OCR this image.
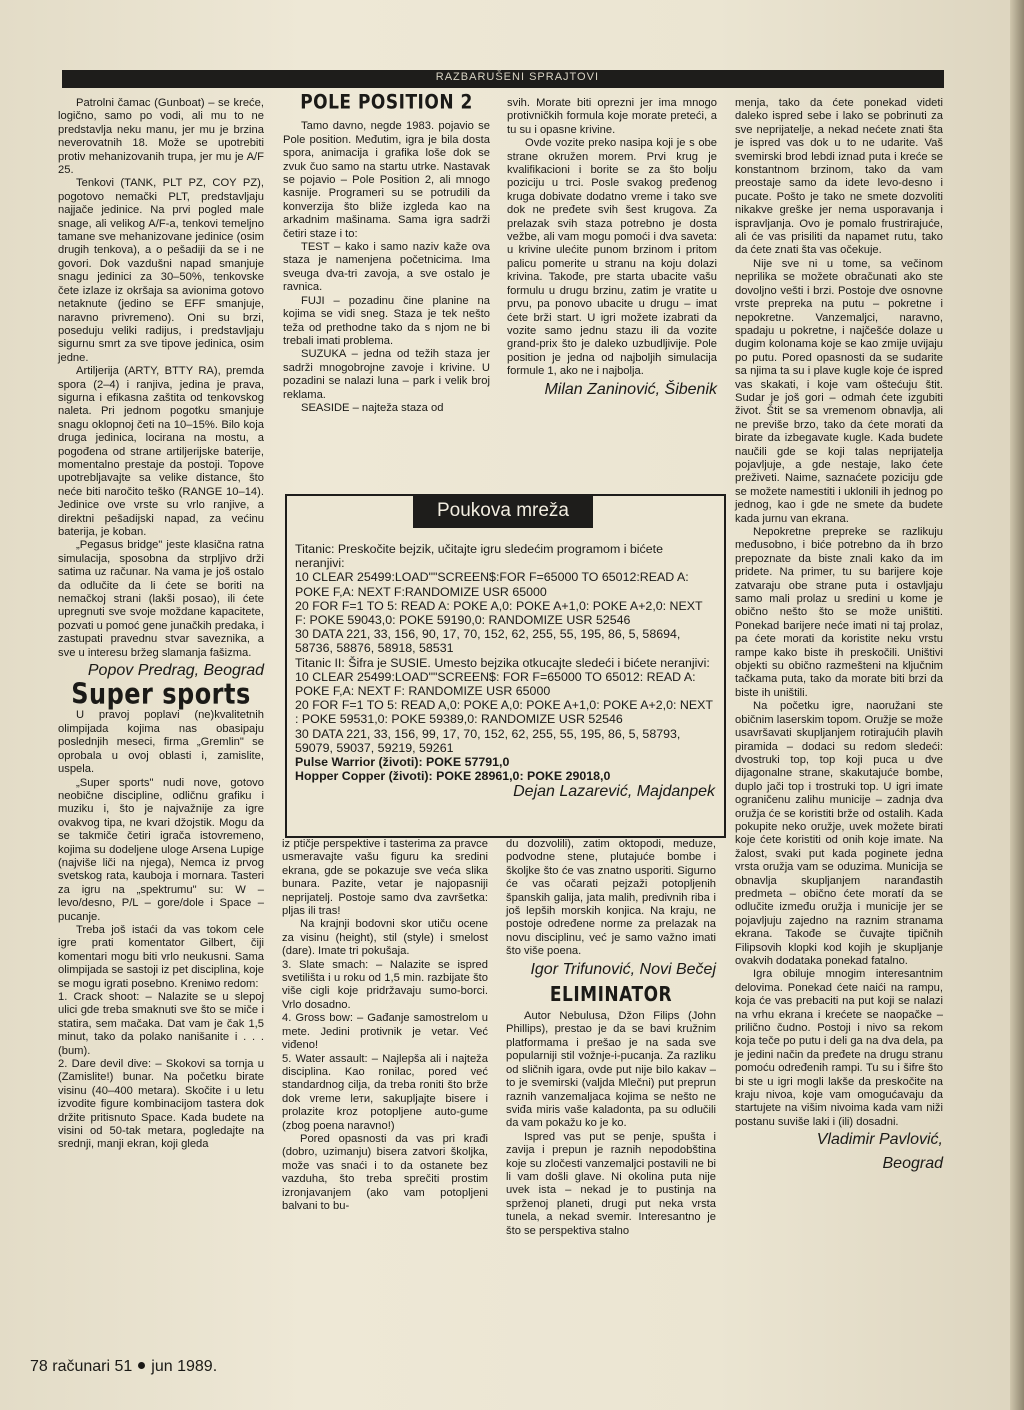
RAZBARUŠENI SPRAJTOVI

Patrolni čamac (Gunboat) – se kreće, logično, samo po vodi, ali mu to ne predstavlja neku manu, jer mu je brzina neverovatnih 18. Može se upotrebiti protiv mehanizovanih trupa, jer mu je A/F 25.

Tenkovi (TANK, PLT PZ, COY PZ), pogotovo nemački PLT, predstavljaju najjače jedinice. Na prvi pogled male snage, ali velikog A/F-a, tenkovi temeljno tamane sve mehanizovane jedinice (osim drugih tenkova), a o pešadiji da se i ne govori. Dok vazdušni napad smanjuje snagu jedinici za 30–50%, tenkovske čete izlaze iz okršaja sa avionima gotovo netaknute (jedino se EFF smanjuje, naravno privremeno). Oni su brzi, poseduju veliki radijus, i predstavljaju sigurnu smrt za sve tipove jedinica, osim jedne.

Artiljerija (ARTY, BTTY RA), premda spora (2–4) i ranjiva, jedina je prava, sigurna i efikasna zaštita od tenkovskog naleta. Pri jednom pogotku smanjuje snagu oklopnoj četi na 10–15%. Bilo koja druga jedinica, locirana na mostu, a pogođena od strane artiljerijske baterije, momentalno prestaje da postoji. Topove upotrebljavajte sa velike distance, što neće biti naročito teško (RANGE 10–14). Jedinice ove vrste su vrlo ranjive, a direktni pešadijski napad, za većinu baterija, je koban.

„Pegasus bridge" jeste klasična ratna simulacija, sposobna da strpljivo drži satima uz računar. Na vama je još ostalo da odlučite da li ćete se boriti na nemačkoj strani (lakši posao), ili ćete upregnuti sve svoje moždane kapacitete, pozvati u pomoć gene junačkih predaka, i zastupati pravednu stvar saveznika, a sve u interesu bržeg slamanja fašizma.

Popov Predrag, Beograd
Super sports

U pravoj poplavi (ne)kvalitetnih olimpijada kojima nas obasipaju poslednjih meseci, firma „Gremlin" se oprobala u ovoj oblasti i, zamislite, uspela.

„Super sports" nudi nove, gotovo neobične discipline, odličnu grafiku i muziku i, što je najvažnije za igre ovakvog tipa, ne kvari džojstik. Mogu da se takmiče četiri igrača istovremeno, kojima su dodeljene uloge Arsena Lupige (najviše liči na njega), Nemca iz prvog svetskog rata, kauboja i mornara. Tasteri za igru na „spektrumu" su: W – levo/desno, P/L – gore/dole i Space – pucanje.

Treba još istaći da vas tokom cele igre prati komentator Gilbert, čiji komentari mogu biti vrlo neukusni. Sama olimpijada se sastoji iz pet disciplina, koje se mogu igrati posebno. Kreniмо redom:

1. Crack shoot: – Nalazite se u slepoj ulici gde treba smaknuti sve što se miče i statira, sem mačaka. Dat vam je čak 1,5 minut, tako da polako nanišanite i . . . (bum).

2. Dare devil dive: – Skokovi sa tornja u (Zamislite!) bunar. Na početku birate visinu (40–400 metara). Skočite i u letu izvodite figure kombinacijom tastera dok držite pritisnuto Space. Kada budete na visini od 50-tak metara, pogledajte na srednji, manji ekran, koji gleda

POLE POSITION 2

Tamo davno, negde 1983. pojavio se Pole position. Međutim, igra je bila dosta spora, animacija i grafika loše dok se zvuk čuo samo na startu utrke. Nastavak se pojavio – Pole Position 2, ali mnogo kasnije. Programeri su se potrudili da konverzija što bliže izgleda kao na arkadnim mašinama. Sama igra sadrži četiri staze i to:

TEST – kako i samo naziv kaže ova staza je namenjena početnicima. Ima sveuga dva-tri zavoja, a sve ostalo je ravnica.

FUJI – pozadinu čine planine na kojima se vidi sneg. Staza je tek nešto teža od prethodne tako da s njom ne bi trebali imati problema.

SUZUKA – jedna od težih staza jer sadrži mnogobrojne zavoje i krivine. U pozadini se nalazi luna – park i velik broj reklama.

SEASIDE – najteža staza od

svih. Morate biti oprezni jer ima mnogo protivničkih formula koje morate preteći, a tu su i opasne krivine.

Ovde vozite preko nasipa koji je s obe strane okružen morem. Prvi krug je kvalifikacioni i borite se za što bolju poziciju u trci. Posle svakog pređenog kruga dobivate dodatno vreme i tako sve dok ne pređete svih šest krugova. Za prelazak svih staza potrebno je dosta vežbe, ali vam mogu pomoći i dva saveta: u krivine ulećite punom brzinom i pritom palicu pomerite u stranu na koju dolazi krivina. Takođe, pre starta ubacite vašu formulu u drugu brzinu, zatim je vratite u prvu, pa ponovo ubacite u drugu – imat ćete brži start. U igri možete izabrati da vozite samo jednu stazu ili da vozite grand-prix što je daleko uzbudljivije. Pole position je jedna od najboljih simulacija formule 1, ako ne i najbolja.

Milan Zaninović, Šibenik

menja, tako da ćete ponekad videti daleko ispred sebe i lako se pobrinuti za sve neprijatelje, a nekad nećete znati šta je ispred vas dok u to ne udarite. Vaš svemirski brod lebdi iznad puta i kreće se konstantnom brzinom, tako da vam preostaje samo da idete levo-desno i pucate. Pošto je tako ne smete dozvoliti nikakve greške jer nema usporavanja i ispravljanja. Ovo je pomalo frustrirajuće, ali će vas prisiliti da napamet rutu, tako da ćete znati šta vas očekuje.

Nije sve ni u tome, sa večinom neprilika se možete obračunati ako ste dovoljno vešti i brzi. Postoje dve osnovne vrste prepreka na putu – pokretne i nepokretne. Vanzemaljci, naravno, spadaju u pokretne, i najčešće dolaze u dugim kolonama koje se kao zmije uvijaju po putu. Pored opasnosti da se sudarite sa njima ta su i plave kugle koje će ispred vas skakati, i koje vam oštećuju štit. Sudar je još gori – odmah ćete izgubiti život. Štit se sa vremenom obnavlja, ali ne previše brzo, tako da ćete morati da birate da izbegavate kugle. Kada budete naučili gde se koji talas neprijatelja pojavljuje, a gde nestaje, lako ćete preživeti. Naime, saznaćete poziciju gde se možete namestiti i uklonili ih jednog po jednog, kao i gde ne smete da budete kada jurnu van ekrana.

Nepokretne prepreke se razlikuju međusobno, i biće potrebno da ih brzo prepoznate da biste znali kako da im pridete. Na primer, tu su barijere koje zatvaraju obe strane puta i ostavljaju samo mali prolaz u sredini u kome je obično nešto što se može uništiti. Ponekad barijere neće imati ni taj prolaz, pa ćete morati da koristite neku vrstu rampe kako biste ih preskočili. Uništivi objekti su obično razmešteni na ključnim tačkama puta, tako da morate biti brzi da biste ih uništili.

Na početku igre, naoružani ste običnim laserskim topom. Oružje se može usavršavati skupljanjem rotirajućih plavih piramida – dodaci su redom sledeći: dvostruki top, top koji puca u dve dijagonalne strane, skakutajuće bombe, duplo jači top i trostruki top. U igri imate ograničenu zalihu municije – zadnja dva oružja će se koristiti brže od ostalih. Kada pokupite neko oružje, uvek možete birati koje ćete koristiti od onih koje imate. Na žalost, svaki put kada poginete jedna vrsta oružja vam se oduzima. Municija se obnavlja skupljanjem naranđastih predmeta – obično ćete moratí da se odlučite između oružja i municije jer se pojavljuju zajedno na raznim stranama ekrana. Takođe se čuvajte tipičnih Filipsovih klopki kod kojih je skupljanje ovakvih dodataka ponekad fatalno.

Igra obiluje mnogim interesantnim delovima. Ponekad ćete naići na rampu, koja će vas prebaciti na put koji se nalazi na vrhu ekrana i krećete se naopačke – prilično čudno. Postoji i nivo sa rekom koja teče po putu i deli ga na dva dela, pa je jedini način da pređete na drugu stranu pomoću određenih rampi. Tu su i šifre što bi ste u igri mogli lakše da preskočite na kraju nivoa, koje vam omogućavaju da startujete na višim nivoima kada vam niži postanu suviše laki i (ili) dosadni.

Vladimir Pavlović,
Beograd
Poukova mreža

Titanic: Preskočite bejzik, učitajte igru sledećim programom i bićete neranjivi:

10 CLEAR 25499:LOAD""SCREEN$:FOR F=65000 TO 65012:READ A: POKE F,A: NEXT F:RANDOMIZE USR 65000

20 FOR F=1 TO 5: READ A: POKE A,0: POKE A+1,0: POKE A+2,0: NEXT F: POKE 59043,0: POKE 59190,0: RANDOMIZE USR 52546

30 DATA 221, 33, 156, 90, 17, 70, 152, 62, 255, 55, 195, 86, 5, 58694, 58736, 58876, 58918, 58531

Titanic II: Šifra je SUSIE. Umesto bejzika otkucajte sledeći i bićete neranjivi:

10 CLEAR 25499:LOAD""SCREEN$: FOR F=65000 TO 65012: READ A: POKE F,A: NEXT F: RANDOMIZE USR 65000

20 FOR F=1 TO 5: READ A,0: POKE A,0: POKE A+1,0: POKE A+2,0: NEXT : POKE 59531,0: POKE 59389,0: RANDOMIZE USR 52546

30 DATA 221, 33, 156, 99, 17, 70, 152, 62, 255, 55, 195, 86, 5, 58793, 59079, 59037, 59219, 59261

Pulse Warrior (životi): POKE 57791,0

Hopper Copper (životi): POKE 28961,0: POKE 29018,0

Dejan Lazarević, Majdanpek

iz ptičje perspektive i tasterima za pravce usmeravajte vašu figuru ka sredini ekrana, gde se pokazuje sve veća slika bunara. Pazite, vetar je najopasniji neprijatelj. Postoje samo dva završetka: pljas ili tras!

Na krajnji bodovni skor utiču ocene za visinu (height), stil (style) i smelost (dare). Imate tri pokušaja.

3. Slate smach: – Nalazite se ispred svetilišta i u roku od 1,5 min. razbijate što više cigli koje pridržavaju sumo-borci. Vrlo dosadno.

4. Gross bow: – Gađanje samostrelom u mete. Jedini protivnik je vetar. Već viđeno!

5. Water assault: – Najlepša ali i najteža disciplina. Kao ronilac, pored već standardnog cilja, da treba roniti što brže dok vreme lети, sakupljajte bisere i prolazite kroz potopljene auto-gume (zbog poena naravno!)

Pored opasnosti da vas pri krađi (dobro, uzimanju) bisera zatvori školjka, može vas snaći i to da ostanete bez vazduha, što treba sprečiti prostim izronjavanjem (ako vam potopljeni balvani to bu-

du dozvolili), zatim oktopodi, meduze, podvodne stene, plutajuće bombe i školjke što će vas znatno usporiti. Sigurno će vas očarati pejzaži potopljenih španskih galija, jata malih, predivnih riba i još lepših morskih konjica. Na kraju, ne postoje određene norme za prelazak na novu disciplinu, već je samo važno imati što više poena.

Igor Trifunović, Novi Bečej
ELIMINATOR

Autor Nebulusa, Džon Filips (John Phillips), prestao je da se bavi kružnim platformama i prešao je na sada sve popularniji stil vožnje-i-pucanja. Za razliku od sličnih igara, ovde put nije bilo kakav – to je svemirski (valjda Mlečni) put preprun raznih vanzemaljaca kojima se nešto ne sviđa miris vaše kaladonta, pa su odlučili da vam pokažu ko je ko.

Ispred vas put se penje, spušta i zavija i prepun je raznih nepodobština koje su zločesti vanzemaljci postavili ne bi li vam došli glave. Ni okolina puta nije uvek ista – nekad je to pustinja na sprženoj planeti, drugi put neka vrsta tunela, a nekad svemir. Interesantno je što se perspektiva stalno

78 računari 51 jun 1989.
